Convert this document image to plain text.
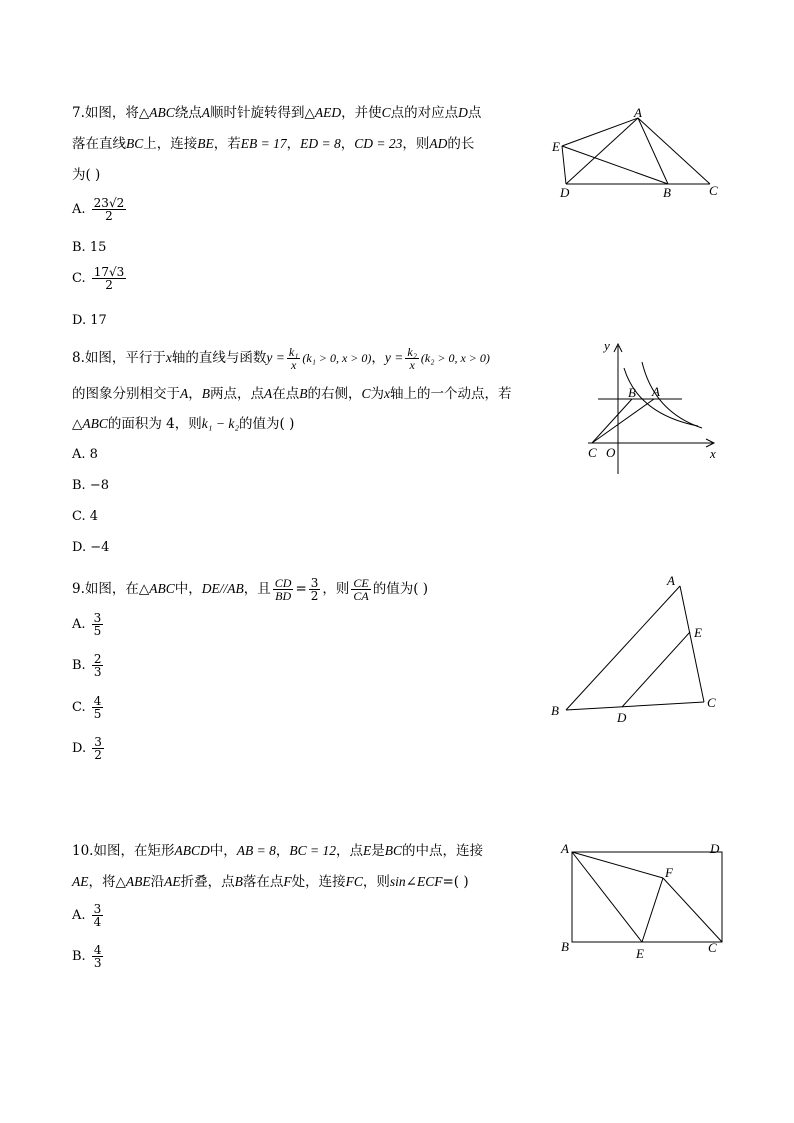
7.如图，将△ABC绕点A顺时针旋转得到△AED，并使C点的对应点D点
落在直线BC上，连接BE，若EB = 17，ED = 8，CD = 23，则AD的长
为( )
A. $\frac{23√2}{2}$
B. 15
C. $\frac{17√3}{2}$
D. 17
A
E
D	B	C
8.如图，平行于x轴的直线与函数$y = \frac{\text{k₁}}{x} (k_1 > 0$, x > 0)，$y = \frac{\text{k₂}}{x} (k_2 > 0$, x > 0)
的图象分别相交于A，B两点，点A在点B的右侧，C为x轴上的一个动点，若
△ABC的面积为 4，则k₁ − k₂的值为( )
A. 8
B. −8
C. 4
D. −4
y
x
B A
C O
9.如图，在△ABC中，DE//AB，且 $\frac{CD}{BD} = \frac{3}{2}$ ，则 $\frac{CE}{CA}$ 的值为( )
A. $\frac{3}{5}$
B. $\frac{2}{3}$
C. $\frac{4}{5}$
D. $\frac{3}{2}$
A
E
B	D
C
10.如图，在矩形ABCD中，AB = 8，BC = 12，点E是BC的中点，连接
AE，将△ABE沿AE折叠，点B落在点F处，连接FC，则sin∠ECF=( )
A. $\frac{3}{4}$
B. $\frac{4}{3}$
A	D
F
B	E	C
